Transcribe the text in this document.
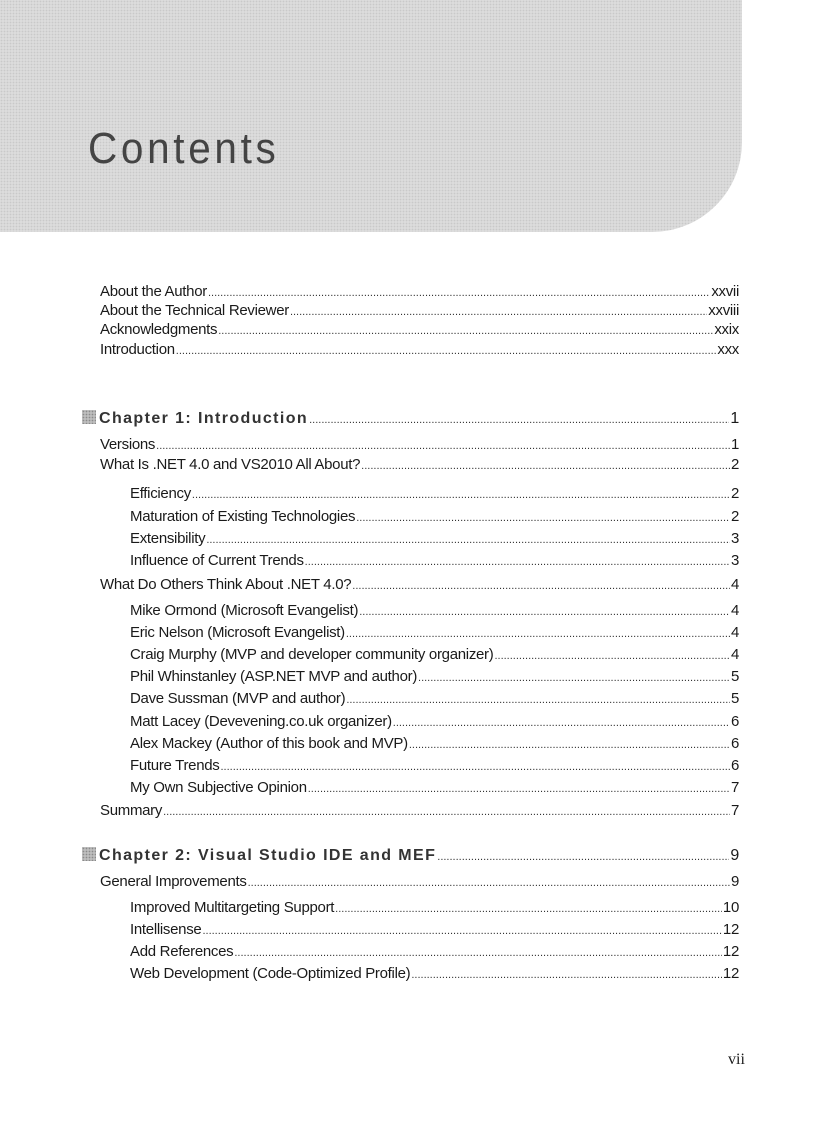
Contents
About the Author .....	xxvii
About the Technical Reviewer .....	xxviii
Acknowledgments .....	xxix
Introduction .....	xxx
Chapter 1: Introduction .....	1
Versions .....	1
What Is .NET 4.0 and VS2010 All About? .....	2
Efficiency .....	2
Maturation of Existing Technologies .....	2
Extensibility .....	3
Influence of Current Trends .....	3
What Do Others Think About .NET 4.0? .....	4
Mike Ormond (Microsoft Evangelist) .....	4
Eric Nelson (Microsoft Evangelist) .....	4
Craig Murphy (MVP and developer community organizer) .....	4
Phil Whinstanley (ASP.NET MVP and author) .....	5
Dave Sussman (MVP and author) .....	5
Matt Lacey (Devevening.co.uk organizer) .....	6
Alex Mackey (Author of this book and MVP) .....	6
Future Trends .....	6
My Own Subjective Opinion .....	7
Summary .....	7
Chapter 2: Visual Studio IDE and MEF .....	9
General Improvements .....	9
Improved Multitargeting Support .....	10
Intellisense .....	12
Add References .....	12
Web Development (Code-Optimized Profile) .....	12
vii
